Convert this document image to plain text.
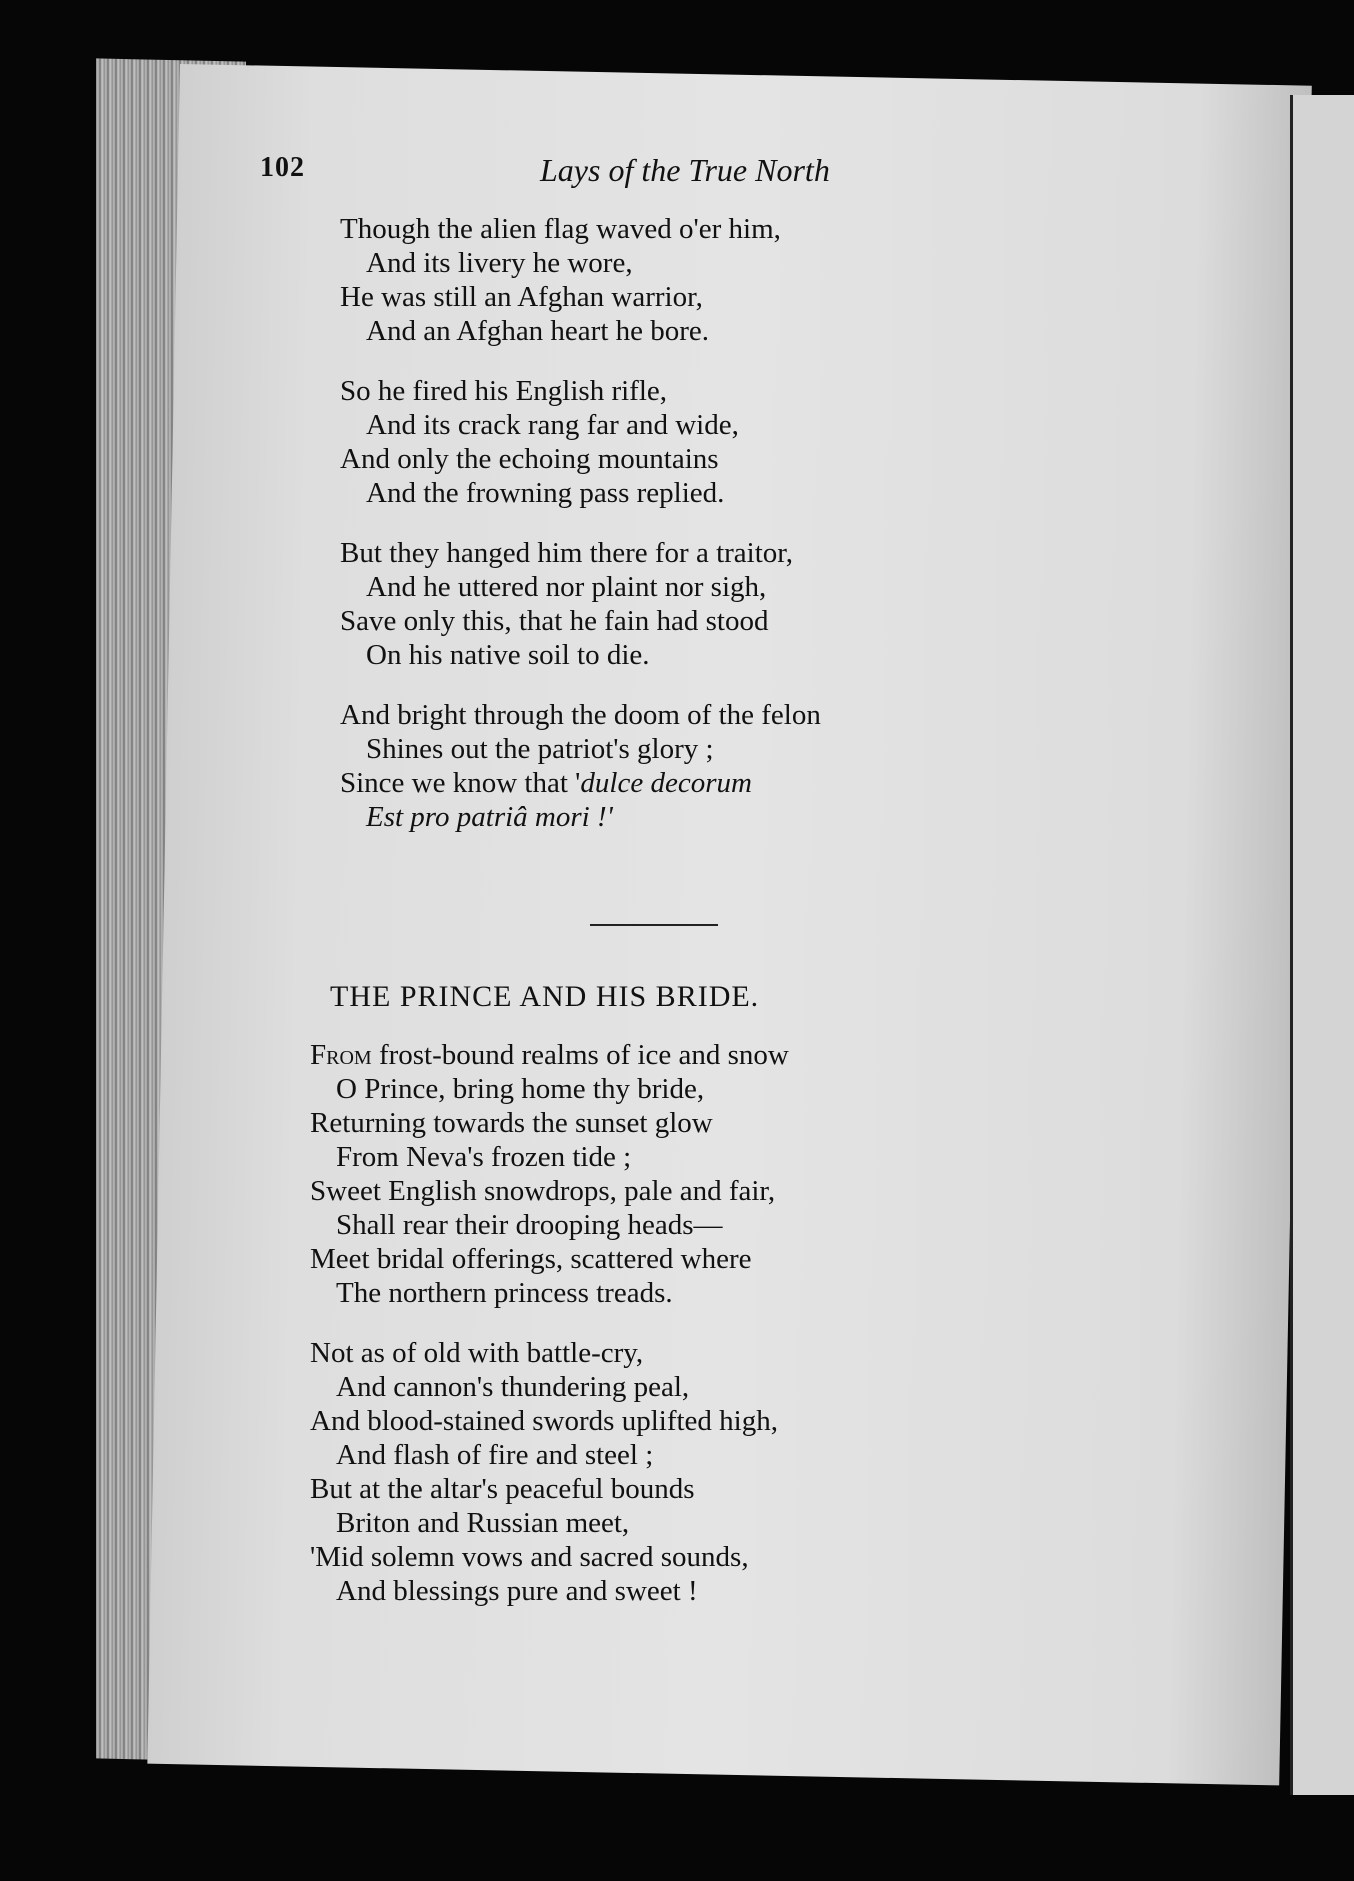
102	Lays of the True North
Though the alien flag waved o'er him,
And its livery he wore,
He was still an Afghan warrior,
And an Afghan heart he bore.
So he fired his English rifle,
And its crack rang far and wide,
And only the echoing mountains
And the frowning pass replied.
But they hanged him there for a traitor,
And he uttered nor plaint nor sigh,
Save only this, that he fain had stood
On his native soil to die.
And bright through the doom of the felon
Shines out the patriot's glory ;
Since we know that 'dulce decorum
Est pro patriâ mori !'
THE PRINCE AND HIS BRIDE.
From frost-bound realms of ice and snow
O Prince, bring home thy bride,
Returning towards the sunset glow
From Neva's frozen tide ;
Sweet English snowdrops, pale and fair,
Shall rear their drooping heads—
Meet bridal offerings, scattered where
The northern princess treads.
Not as of old with battle-cry,
And cannon's thundering peal,
And blood-stained swords uplifted high,
And flash of fire and steel ;
But at the altar's peaceful bounds
Briton and Russian meet,
'Mid solemn vows and sacred sounds,
And blessings pure and sweet !
